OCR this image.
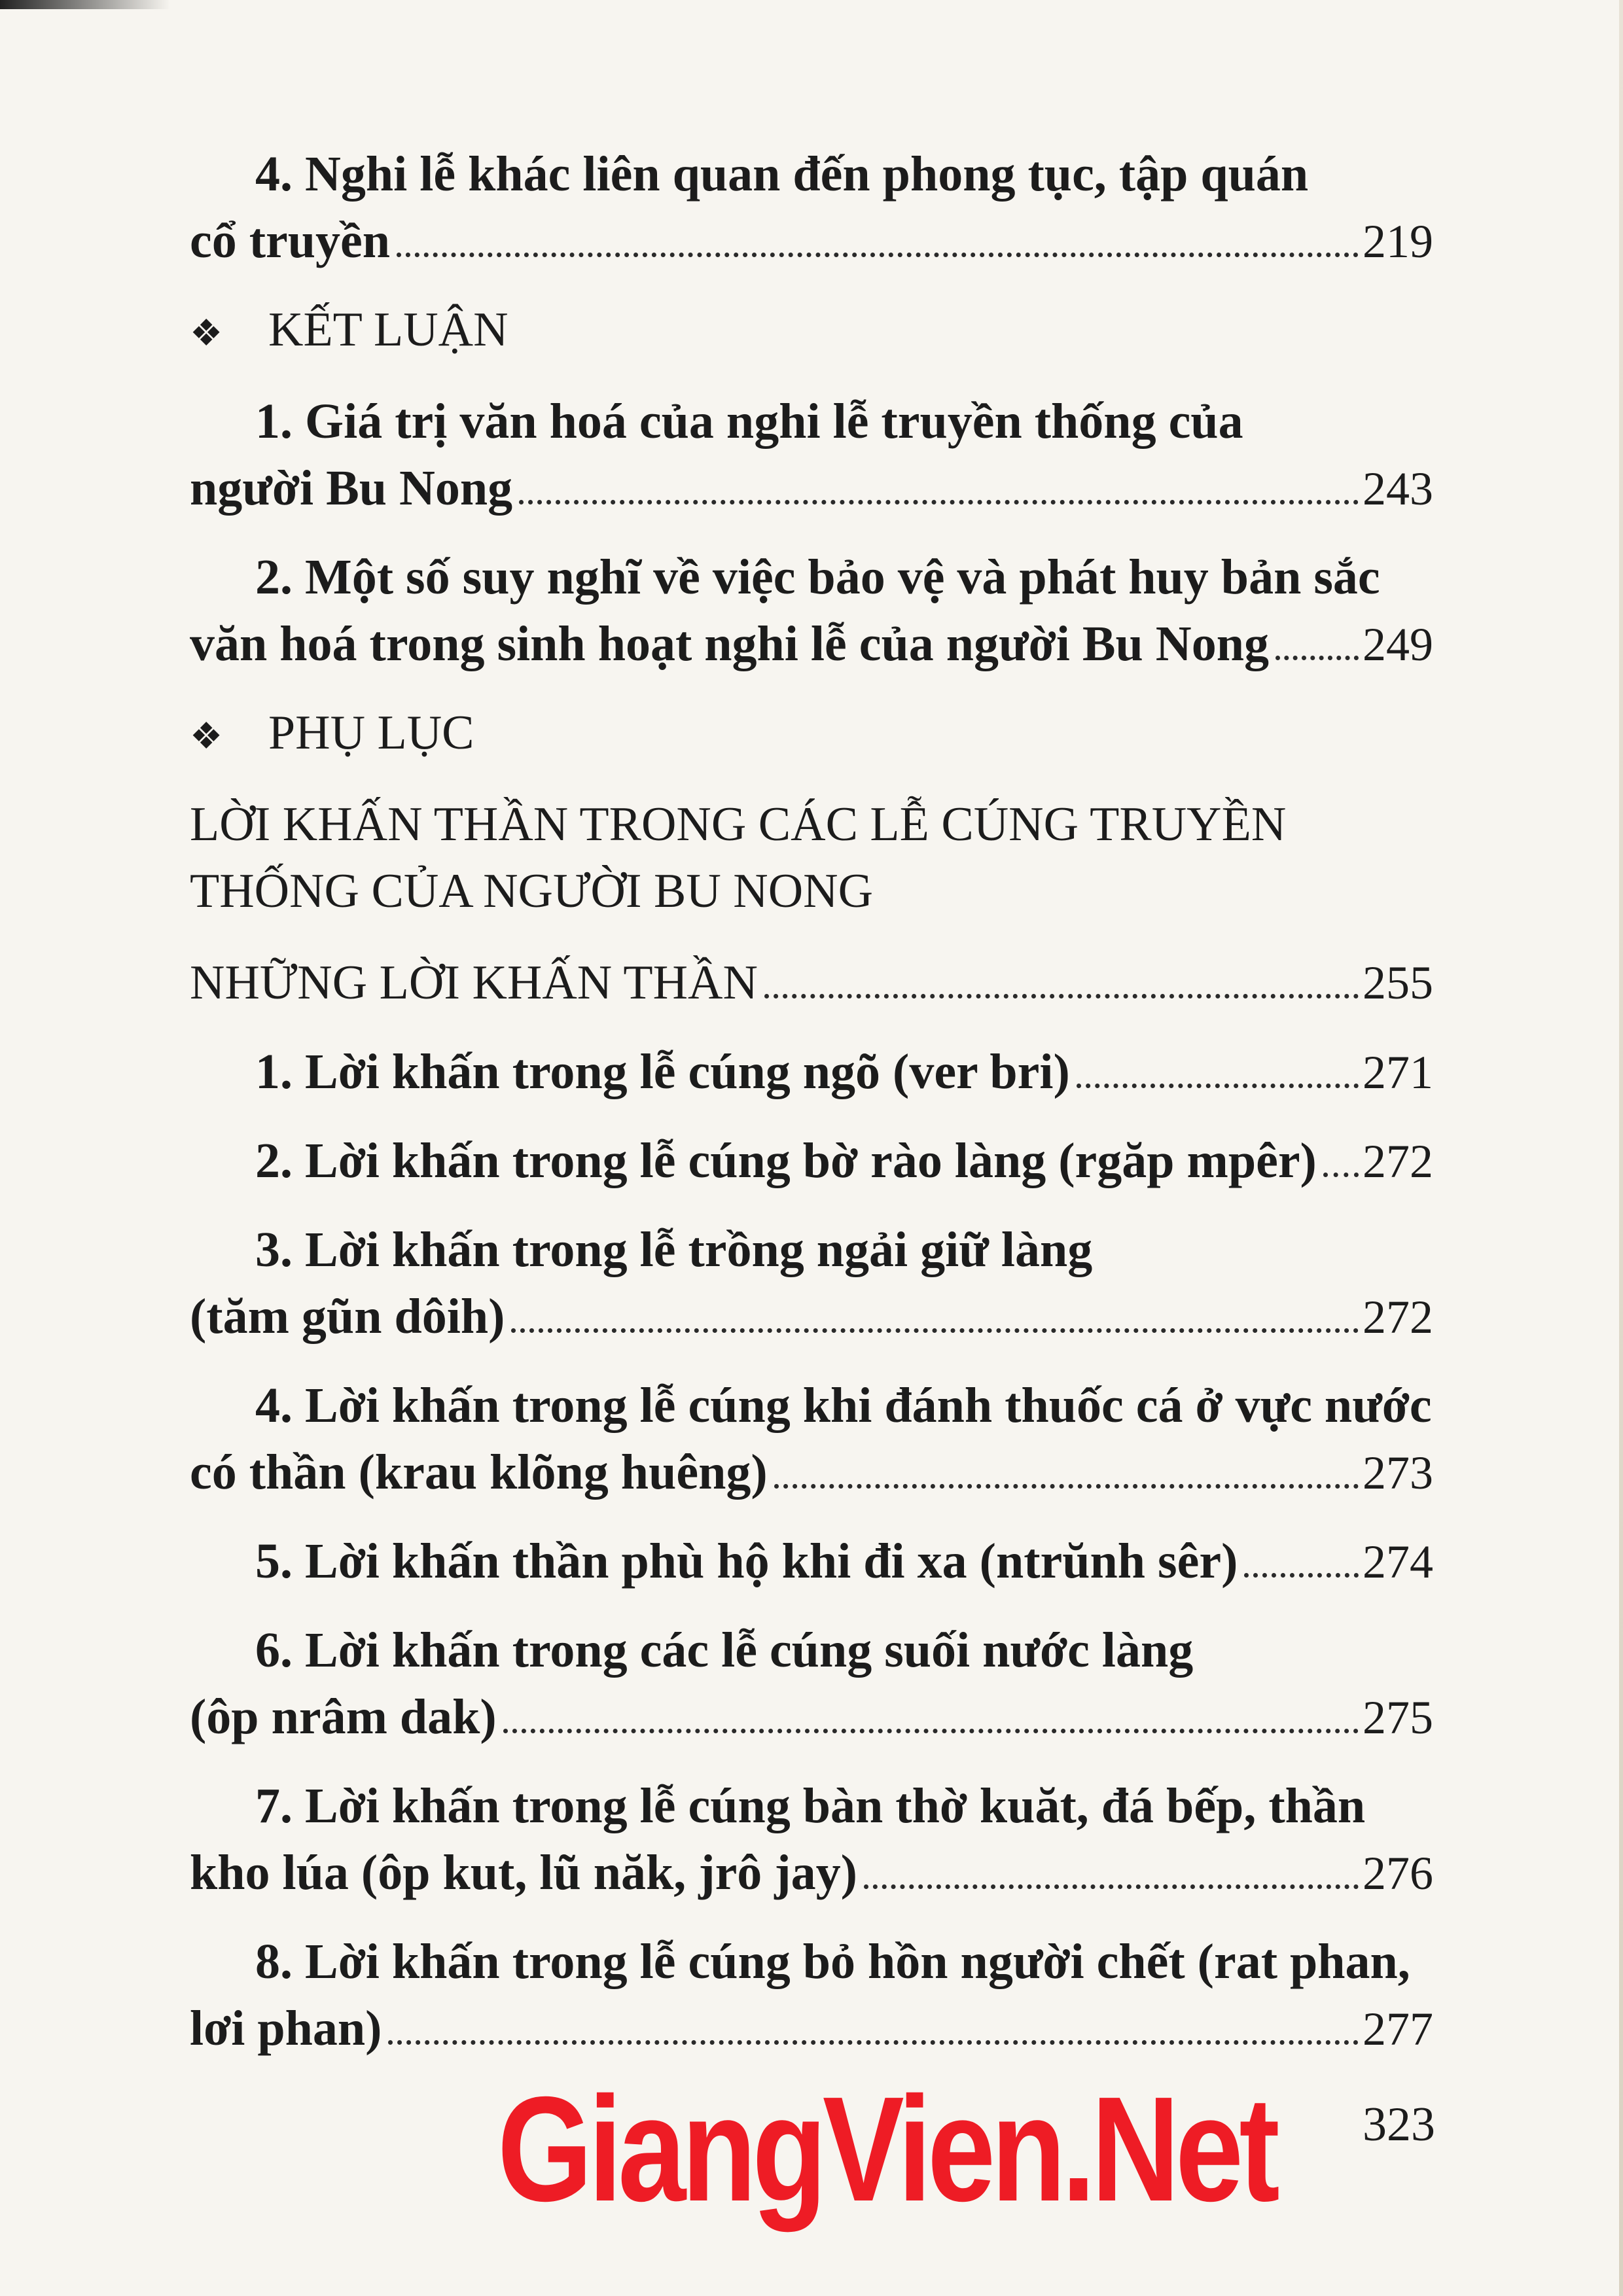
4. Nghi lễ khác liên quan đến phong tục, tập quán
cổ truyền	219
❖ KẾT LUẬN
1. Giá trị văn hoá của nghi lễ truyền thống của
người Bu Nong	243
2. Một số suy nghĩ về việc bảo vệ và phát huy bản sắc
văn hoá trong sinh hoạt nghi lễ của người Bu Nong 249
❖ PHỤ LỤC
LỜI KHẤN THẦN TRONG CÁC LỄ CÚNG TRUYỀN
THỐNG CỦA NGƯỜI BU NONG
NHỮNG LỜI KHẤN THẦN	255
1. Lời khấn trong lễ cúng ngõ (ver bri)	271
2. Lời khấn trong lễ cúng bờ rào làng (rgăp mpêr) 272
3. Lời khấn trong lễ trồng ngải giữ làng
(tăm gũn dôih)	272
4. Lời khấn trong lễ cúng khi đánh thuốc cá ở vực nước
có thần (krau klõng huêng)	273
5. Lời khấn thần phù hộ khi đi xa (ntrŭnh sêr)	274
6. Lời khấn trong các lễ cúng suối nước làng
(ôp nrâm dak)	275
7. Lời khấn trong lễ cúng bàn thờ kuăt, đá bếp, thần
kho lúa (ôp kut, lũ năk, jrô jay)	276
8. Lời khấn trong lễ cúng bỏ hồn người chết (rat phan,
lơi phan)	277
GiangVien.Net 323
